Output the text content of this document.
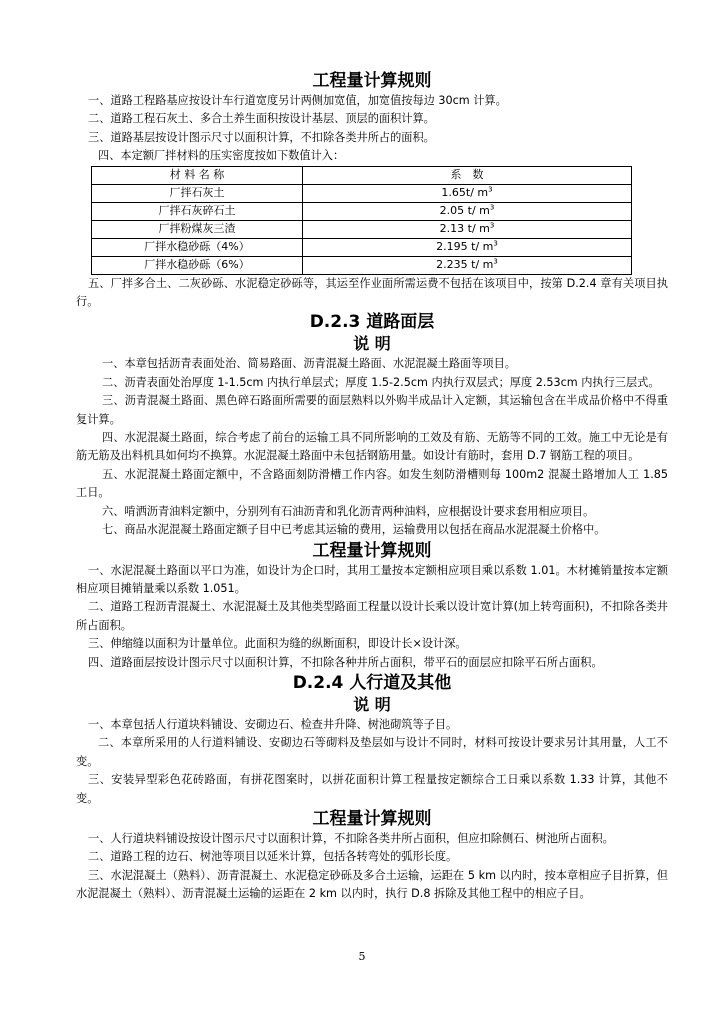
工程量计算规则

一、道路工程路基应按设计车行道宽度另计两侧加宽值，加宽值按每边 30cm 计算。

二、道路工程石灰土、多合土养生面积按设计基层、顶层的面积计算。

三、道路基层按设计图示尺寸以面积计算，不扣除各类井所占的面积。

四、本定额厂拌材料的压实密度按如下数值计入：

材 料 名 称	系　数
厂拌石灰土	1.65t/ $m^3$
厂拌石灰碎石土	2.05 t/ $m^3$
厂拌粉煤灰三渣	2.13 t/ $m^3$
厂拌水稳砂砾（4%）	2.195 t/ $m^3$
厂拌水稳砂砾（6%）	2.235 t/ $m^3$

五、厂拌多合土、二灰砂砾、水泥稳定砂砾等，其运至作业面所需运费不包括在该项目中，按第 D.2.4 章有关项目执行。

D.2.3 道路面层
说 明

一、本章包括沥青表面处治、简易路面、沥青混凝土路面、水泥混凝土路面等项目。

二、沥青表面处治厚度 1-1.5cm 内执行单层式；厚度 1.5-2.5cm 内执行双层式；厚度 2.53cm 内执行三层式。

三、沥青混凝土路面、黑色碎石路面所需要的面层熟料以外购半成品计入定额，其运输包含在半成品价格中不得重复计算。

四、水泥混凝土路面，综合考虑了前台的运输工具不同所影响的工效及有筋、无筋等不同的工效。施工中无论是有筋无筋及出料机具如何均不换算。水泥混凝土路面中未包括钢筋用量。如设计有筋时，套用 D.7 钢筋工程的项目。

五、水泥混凝土路面定额中，不含路面刻防滑槽工作内容。如发生刻防滑槽则每 100m2 混凝土路增加人工 1.85 工日。

六、啃洒沥青油料定额中，分别列有石油沥青和乳化沥青两种油料，应根据设计要求套用相应项目。

七、商品水泥混凝土路面定额子目中已考虑其运输的费用，运输费用以包括在商品水泥混凝土价格中。

工程量计算规则

一、水泥混凝土路面以平口为准，如设计为企口时，其用工量按本定额相应项目乘以系数 1.01。木材摊销量按本定额相应项目摊销量乘以系数 1.051。

二、道路工程沥青混凝土、水泥混凝土及其他类型路面工程量以设计长乘以设计宽计算(加上转弯面积)，不扣除各类井所占面积。

三、伸缩缝以面积为计量单位。此面积为缝的纵断面积，即设计长×设计深。

四、道路面层按设计图示尺寸以面积计算，不扣除各种井所占面积，带平石的面层应扣除平石所占面积。

D.2.4 人行道及其他
说 明

一、本章包括人行道块料铺设、安砌边石、检查井升降、树池砌筑等子目。

二、本章所采用的人行道料铺设、安砌边石等砌料及垫层如与设计不同时，材料可按设计要求另计其用量，人工不变。

三、安装异型彩色花砖路面，有拼花图案时，以拼花面积计算工程量按定额综合工日乘以系数 1.33 计算，其他不变。

工程量计算规则

一、人行道块料铺设按设计图示尺寸以面积计算，不扣除各类井所占面积，但应扣除侧石、树池所占面积。

二、道路工程的边石、树池等项目以延米计算，包括各转弯处的弧形长度。

三、水泥混凝土（熟料）、沥青混凝土、水泥稳定砂砾及多合土运输，运距在 5 km 以内时，按本章相应子目折算，但水泥混凝土（熟料）、沥青混凝土运输的运距在 2 km 以内时，执行 D.8 拆除及其他工程中的相应子目。

5
